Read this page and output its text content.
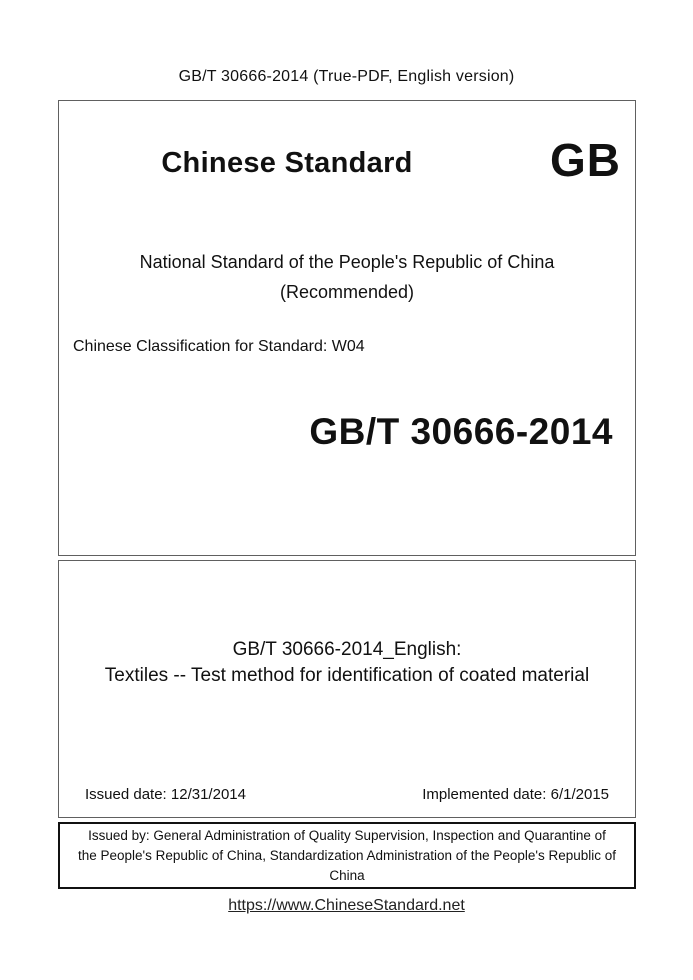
GB/T 30666-2014 (True-PDF, English version)
Chinese Standard	GB
National Standard of the People's Republic of China
(Recommended)
Chinese Classification for Standard: W04
GB/T 30666-2014
GB/T 30666-2014_English:
Textiles -- Test method for identification of coated material
Issued date: 12/31/2014	Implemented date: 6/1/2015
Issued by: General Administration of Quality Supervision, Inspection and Quarantine of
the People's Republic of China, Standardization Administration of the People's Republic of
China
https://www.ChineseStandard.net
